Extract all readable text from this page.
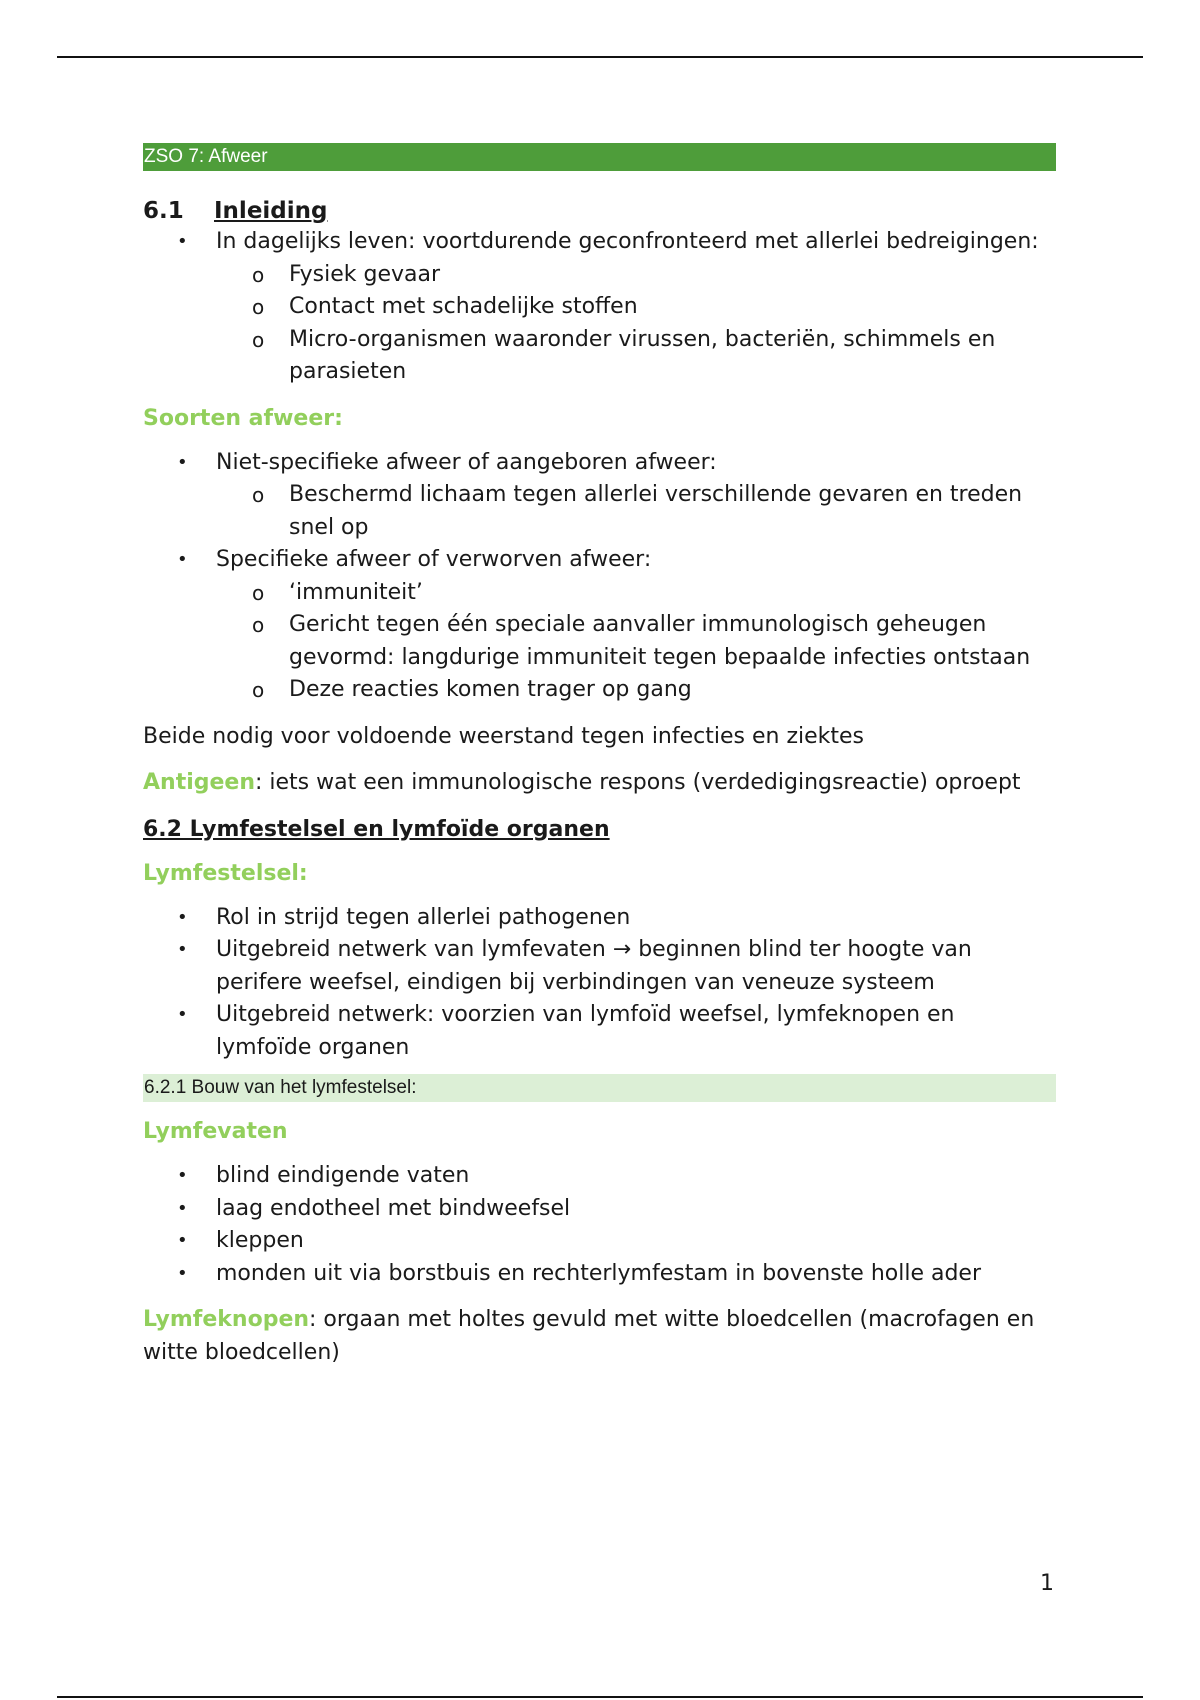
ZSO 7: Afweer
6.1 Inleiding
• In dagelijks leven: voortdurende geconfronteerd met allerlei bedreigingen:
o Fysiek gevaar
o Contact met schadelijke stoffen
o Micro-organismen waaronder virussen, bacteriën, schimmels en parasieten
Soorten afweer:
• Niet-specifieke afweer of aangeboren afweer:
o Beschermd lichaam tegen allerlei verschillende gevaren en treden snel op
• Specifieke afweer of verworven afweer:
o ‘immuniteit’
o Gericht tegen één speciale aanvaller immunologisch geheugen gevormd: langdurige immuniteit tegen bepaalde infecties ontstaan
o Deze reacties komen trager op gang

Beide nodig voor voldoende weerstand tegen infecties en ziektes

Antigeen: iets wat een immunologische respons (verdedigingsreactie) oproept

6.2 Lymfestelsel en lymfoïde organen
Lymfestelsel:
• Rol in strijd tegen allerlei pathogenen
• Uitgebreid netwerk van lymfevaten → beginnen blind ter hoogte van perifere weefsel, eindigen bij verbindingen van veneuze systeem
• Uitgebreid netwerk: voorzien van lymfoïd weefsel, lymfeknopen en lymfoïde organen
6.2.1 Bouw van het lymfestelsel:
Lymfevaten
• blind eindigende vaten
• laag endotheel met bindweefsel
• kleppen
• monden uit via borstbuis en rechterlymfestam in bovenste holle ader

Lymfeknopen: orgaan met holtes gevuld met witte bloedcellen (macrofagen en witte bloedcellen)

1
